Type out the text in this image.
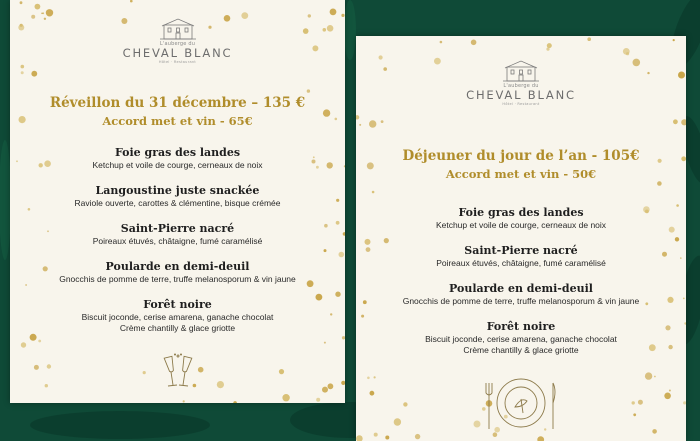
L'auberge du
CHEVAL BLANC
Hôtel · Restaurant
Réveillon du 31 décembre – 135 €
Accord met et vin - 65€
Foie gras des landes
Ketchup et voile de courge, cerneaux de noix
Langoustine juste snackée
Raviole ouverte, carottes & clémentine, bisque crémée
Saint-Pierre nacré
Poireaux étuvés, châtaigne, fumé caramélisé
Poularde en demi-deuil
Gnocchis de pomme de terre, truffe melanosporum & vin jaune
Forêt noire
Biscuit joconde, cerise amarena, ganache chocolat
Crème chantilly & glace griotte
L'auberge du
CHEVAL BLANC
Hôtel · Restaurant
Déjeuner du jour de l’an - 105€
Accord met et vin - 50€
Foie gras des landes
Ketchup et voile de courge, cerneaux de noix
Saint-Pierre nacré
Poireaux étuvés, châtaigne, fumé caramélisé
Poularde en demi-deuil
Gnocchis de pomme de terre, truffe melanosporum & vin jaune
Forêt noire
Biscuit joconde, cerise amarena, ganache chocolat
Crème chantilly & glace griotte
